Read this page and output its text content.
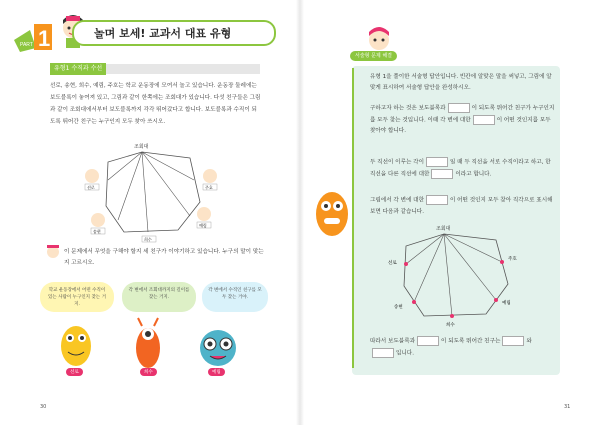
PART 1	놀며 보세! 교과서 대표 유형
유형1 수직과 수선
선로, 송현, 희수, 예림, 주호는 학교 운동장에 모여서 놀고 있습니다. 운동장 둘레에는 보도블록이 놓여져 있고, 그림과 같이 한쪽에는 조회대가 있습니다. 다섯 친구들은 그림과 같이 조회대에서부터 보도블록까지 각각 뛰어갔다고 합니다. 보도블록과 수직이 되도록 뛰어간 친구는 누구인지 모두 찾아 쓰시오.
조회대
선로	주호
송현
예림
희수
이 문제에서 무엇을 구해야 할지 세 친구가 이야기하고 있습니다. 누구의 말이 맞는지 고르시오.
학교 운동장에서 어떤 수직이 있는 사람이 누구인지 찾는 거지.
각 변에서 조회대까지의 길이를 찾는 거지.
각 변에서 수직인 친구를 모두 찾는 거야.
선로	희수	예림
30
서술형 문제 해결
유형 1을 풀이한 서술형 답안입니다. 빈칸에 알맞은 말을 써넣고, 그림에 알맞게 표시하여 서술형 답안을 완성하시오.
구하고자 하는 것은 보도블록과	이 되도록 뛰어간 친구가 누구인지를 모두 찾는 것입니다. 이때 각 변에 대한	이 어떤 것인지를 모두 찾아야 합니다.
두 직선이 이루는 각이	일 때 두 직선을 서로 수직이라고 하고, 한 직선을 다른 직선에 대한	이라고 합니다.
그림에서 각 변에 대한	이 어떤 것인지 모두 찾아 직각으로 표시해 보면 다음과 같습니다.
조회대
선로
주호
송현
예림
희수
따라서 보도블록과	이 되도록 뛰어간 친구는	와입니다.
31
